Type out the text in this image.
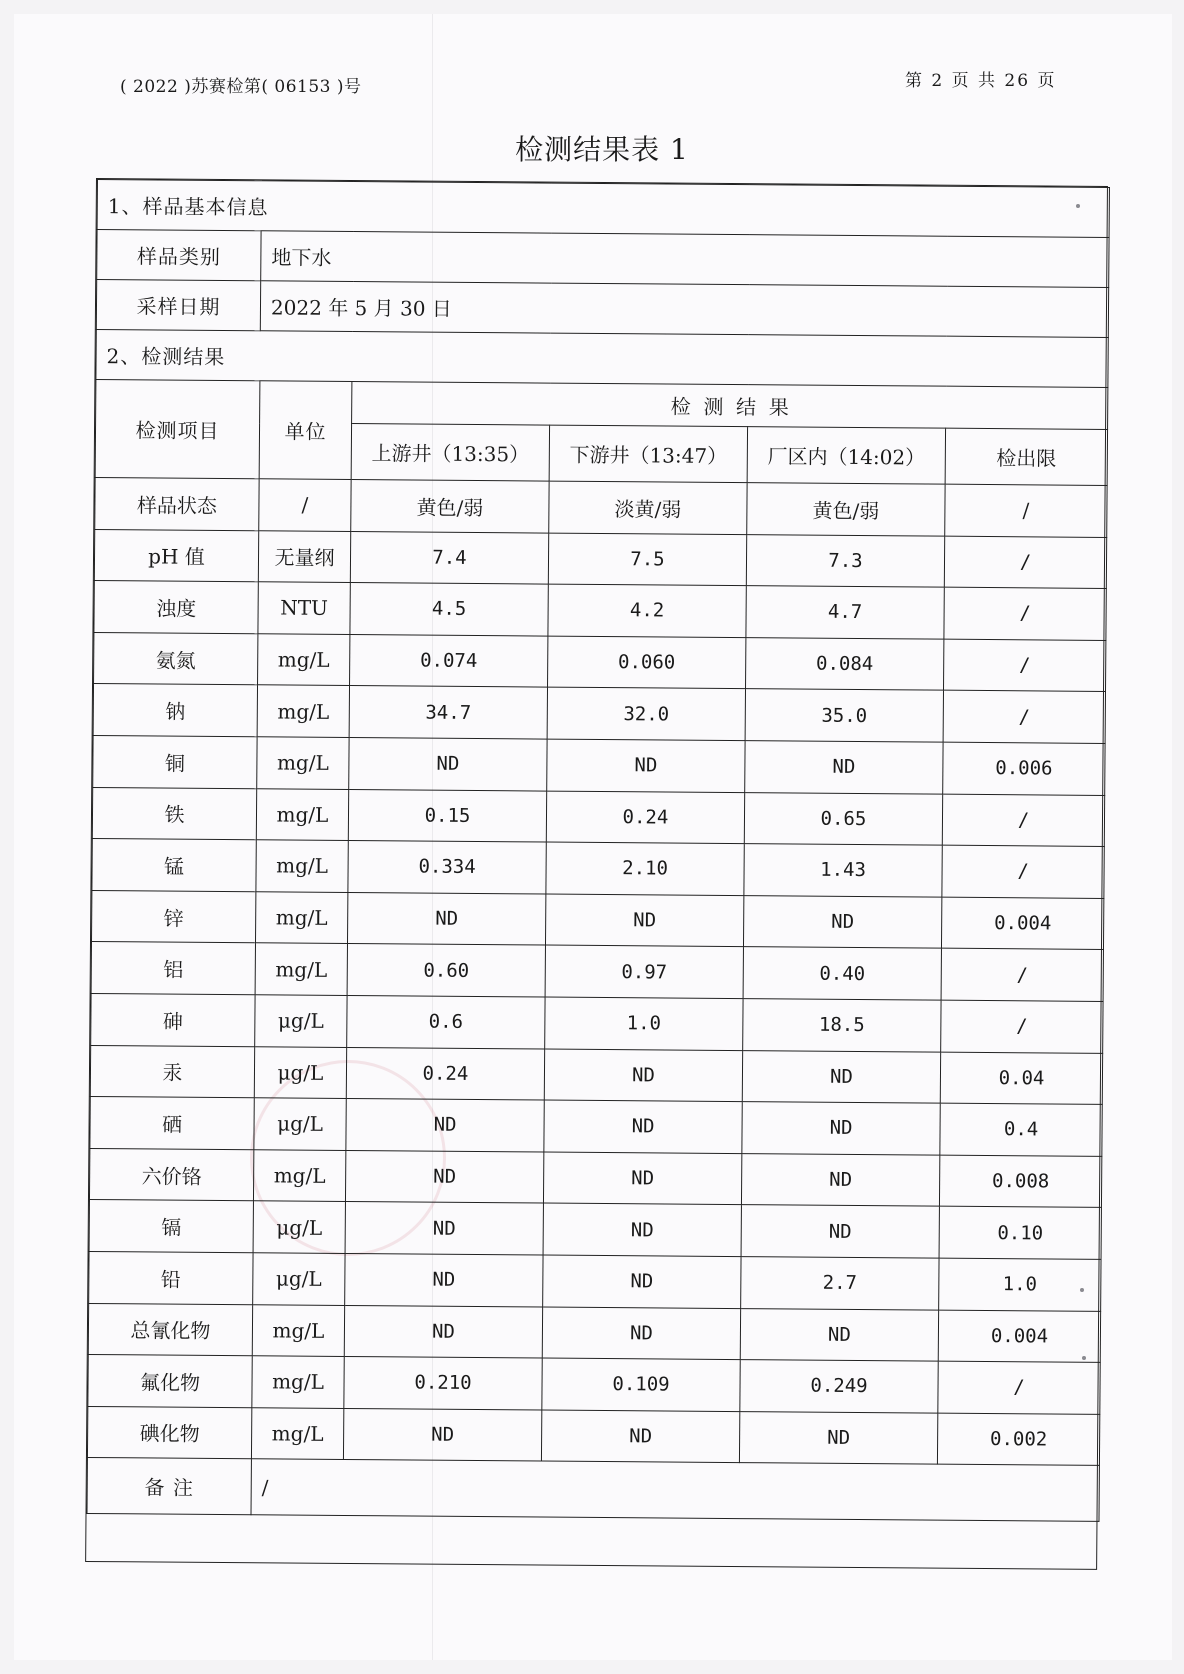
( 2022 )苏赛检第( 06153 )号	第 2 页 共 26 页
检测结果表 1
1、样品基本信息					
样品类别	地下水				
采样日期	2022 年 5 月 30 日				
2、检测结果					
检测项目	单位	检  测  结  果			
		上游井（13:35）	下游井（13:47）	厂区内（14:02）	检出限
样品状态	/	黄色/弱	淡黄/弱	黄色/弱	/
pH 值	无量纲	7.4	7.5	7.3	/
浊度	NTU	4.5	4.2	4.7	/
氨氮	mg/L	0.074	0.060	0.084	/
钠	mg/L	34.7	32.0	35.0	/
铜	mg/L	ND	ND	ND	0.006
铁	mg/L	0.15	0.24	0.65	/
锰	mg/L	0.334	2.10	1.43	/
锌	mg/L	ND	ND	ND	0.004
铝	mg/L	0.60	0.97	0.40	/
砷	μg/L	0.6	1.0	18.5	/
汞	μg/L	0.24	ND	ND	0.04
硒	μg/L	ND	ND	ND	0.4
六价铬	mg/L	ND	ND	ND	0.008
镉	μg/L	ND	ND	ND	0.10
铅	μg/L	ND	ND	2.7	1.0
总氰化物	mg/L	ND	ND	ND	0.004
氟化物	mg/L	0.210	0.109	0.249	/
碘化物	mg/L	ND	ND	ND	0.002
备 注	/				
